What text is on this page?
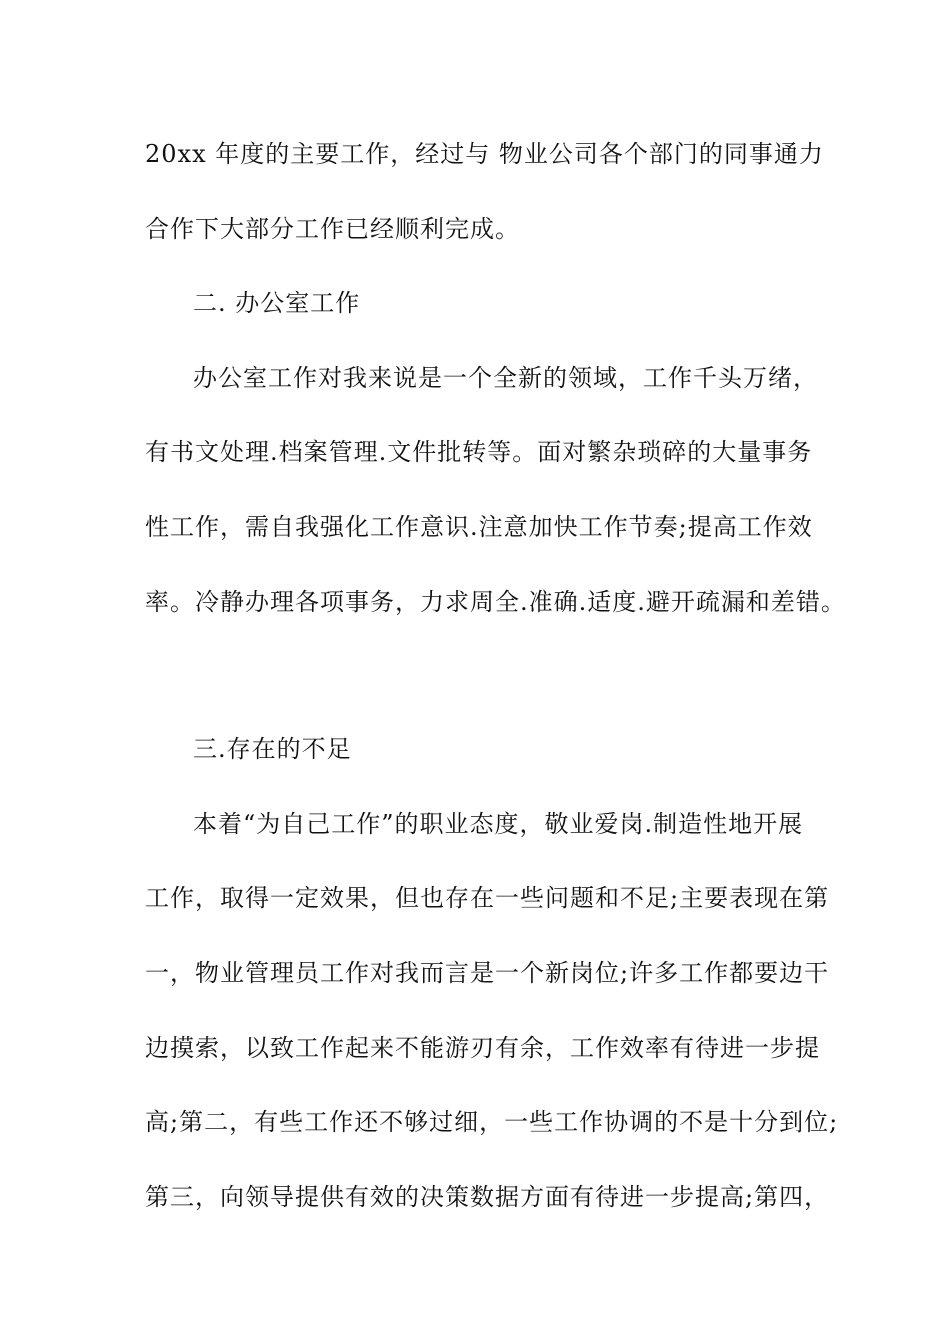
20xx 年度的主要工作，经过与 物业公司各个部门的同事通力
合作下大部分工作已经顺利完成。
二. 办公室工作
办公室工作对我来说是一个全新的领域，工作千头万绪，
有书文处理.档案管理.文件批转等。面对繁杂琐碎的大量事务
性工作，需自我强化工作意识.注意加快工作节奏;提高工作效
率。冷静办理各项事务，力求周全.准确.适度.避开疏漏和差错。
三.存在的不足
本着“为自己工作”的职业态度，敬业爱岗.制造性地开展
工作，取得一定效果，但也存在一些问题和不足;主要表现在第
一，物业管理员工作对我而言是一个新岗位;许多工作都要边干
边摸索，以致工作起来不能游刃有余，工作效率有待进一步提
高;第二，有些工作还不够过细，一些工作协调的不是十分到位;
第三，向领导提供有效的决策数据方面有待进一步提高;第四，
